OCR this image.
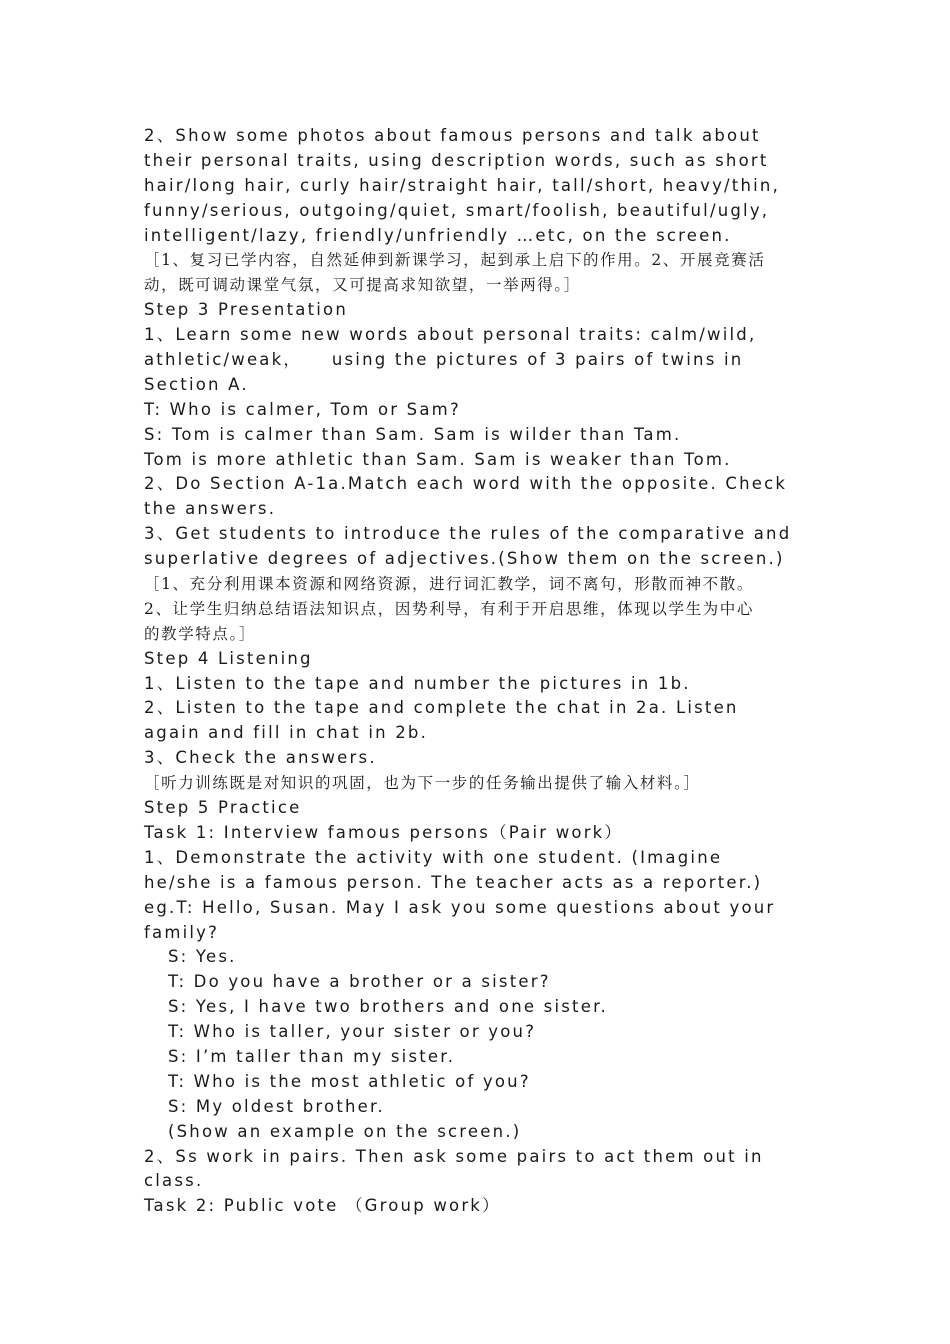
2、Show some photos about famous persons and talk about
their personal traits, using description words, such as short
hair/long hair, curly hair/straight hair, tall/short, heavy/thin,
funny/serious, outgoing/quiet, smart/foolish, beautiful/ugly,
intelligent/lazy, friendly/unfriendly …etc, on the screen.
［1、复习已学内容，自然延伸到新课学习，起到承上启下的作用。2、开展竞赛活
动，既可调动课堂气氛，又可提高求知欲望，一举两得。］
Step 3 Presentation
1、Learn some new words about personal traits: calm/wild,
athletic/weak，    using the pictures of 3 pairs of twins in
Section A.
T: Who is calmer, Tom or Sam?
S: Tom is calmer than Sam. Sam is wilder than Tam.
Tom is more athletic than Sam. Sam is weaker than Tom.
2、Do Section A-1a.Match each word with the opposite. Check
the answers.
3、Get students to introduce the rules of the comparative and
superlative degrees of adjectives.(Show them on the screen.)
［1、充分利用课本资源和网络资源，进行词汇教学，词不离句，形散而神不散。
2、让学生归纳总结语法知识点，因势利导，有利于开启思维，体现以学生为中心
的教学特点。］
Step 4 Listening
1、Listen to the tape and number the pictures in 1b.
2、Listen to the tape and complete the chat in 2a. Listen
again and fill in chat in 2b.
3、Check the answers.
［听力训练既是对知识的巩固，也为下一步的任务输出提供了输入材料。］
Step 5 Practice
Task 1: Interview famous persons（Pair work）
1、Demonstrate the activity with one student. (Imagine
he/she is a famous person. The teacher acts as a reporter.)
eg.T: Hello, Susan. May I ask you some questions about your
family?
S: Yes.
T: Do you have a brother or a sister?
S: Yes, I have two brothers and one sister.
T: Who is taller, your sister or you?
S: I’m taller than my sister.
T: Who is the most athletic of you?
S: My oldest brother.
(Show an example on the screen.)
2、Ss work in pairs. Then ask some pairs to act them out in
class.
Task 2: Public vote （Group work）
